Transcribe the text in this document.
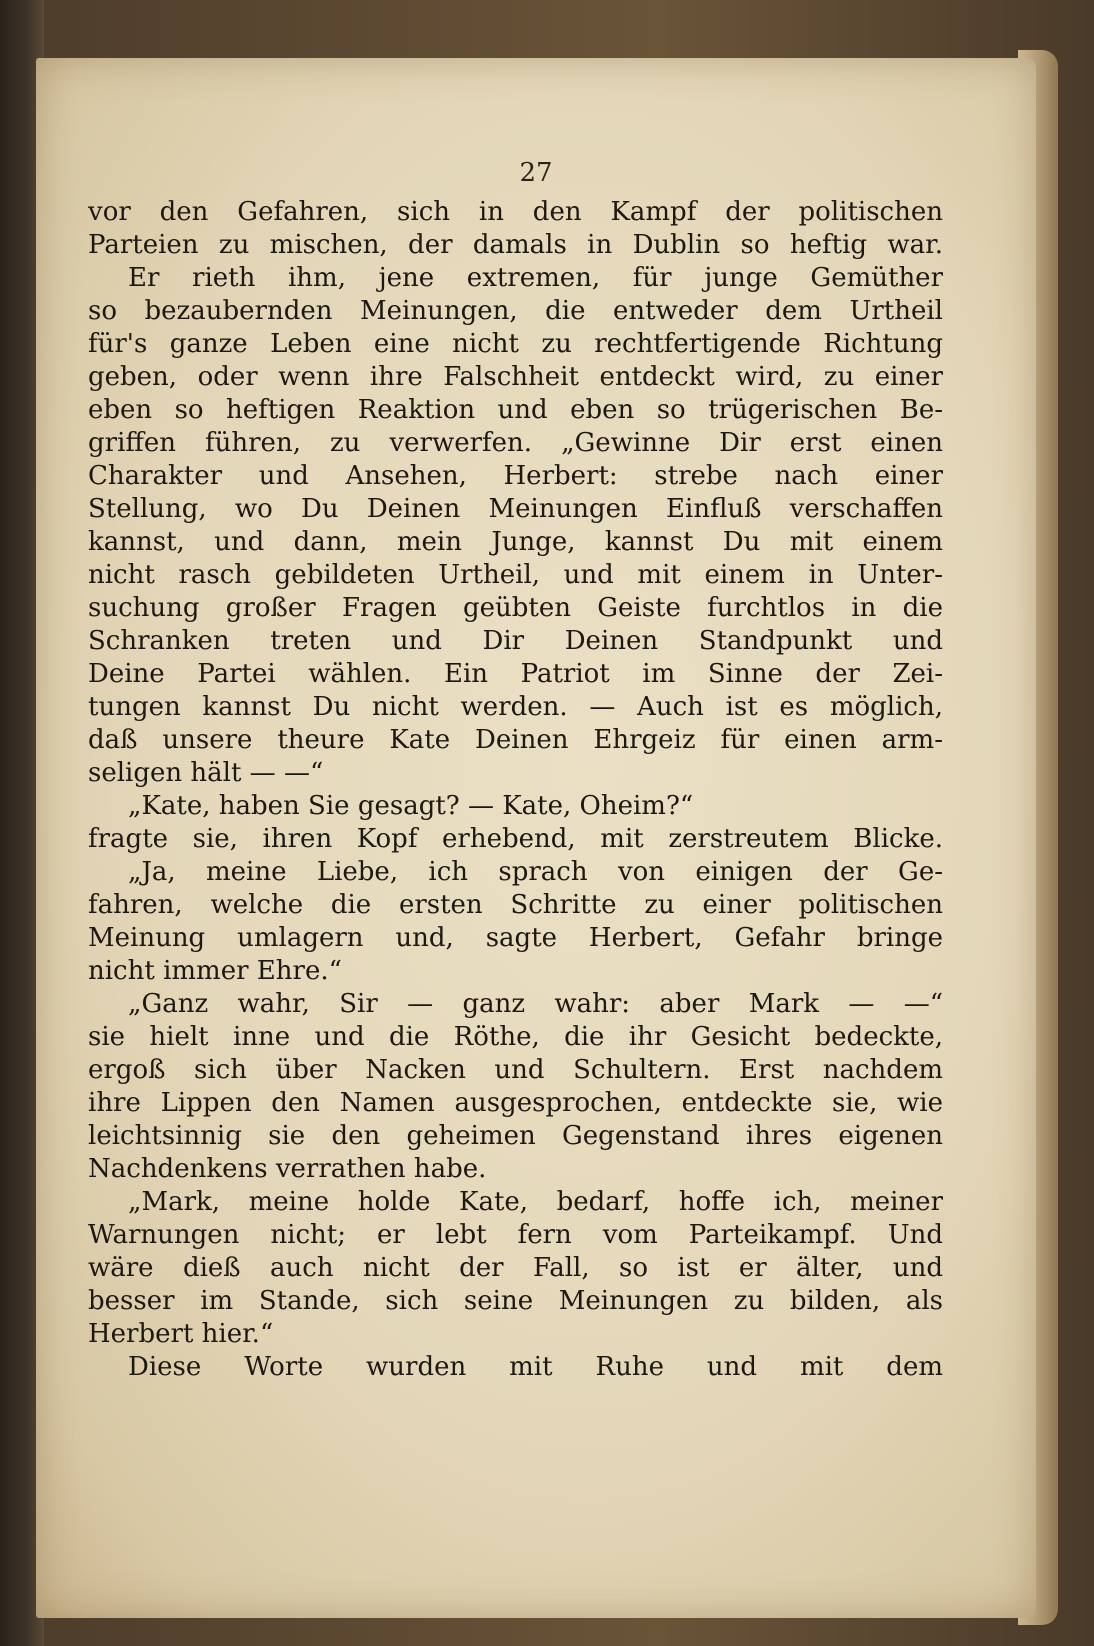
27
vor den Gefahren, sich in den Kampf der politischen
Parteien zu mischen, der damals in Dublin so heftig war.
Er rieth ihm, jene extremen, für junge Gemüther
so bezaubernden Meinungen, die entweder dem Urtheil
für's ganze Leben eine nicht zu rechtfertigende Richtung
geben, oder wenn ihre Falschheit entdeckt wird, zu einer
eben so heftigen Reaktion und eben so trügerischen Be-
griffen führen, zu verwerfen. „Gewinne Dir erst einen
Charakter und Ansehen, Herbert: strebe nach einer
Stellung, wo Du Deinen Meinungen Einfluß verschaffen
kannst, und dann, mein Junge, kannst Du mit einem
nicht rasch gebildeten Urtheil, und mit einem in Unter-
suchung großer Fragen geübten Geiste furchtlos in die
Schranken treten und Dir Deinen Standpunkt und
Deine Partei wählen. Ein Patriot im Sinne der Zei-
tungen kannst Du nicht werden. — Auch ist es möglich,
daß unsere theure Kate Deinen Ehrgeiz für einen arm-
seligen hält — —“
„Kate, haben Sie gesagt? — Kate, Oheim?“
fragte sie, ihren Kopf erhebend, mit zerstreutem Blicke.
„Ja, meine Liebe, ich sprach von einigen der Ge-
fahren, welche die ersten Schritte zu einer politischen
Meinung umlagern und, sagte Herbert, Gefahr bringe
nicht immer Ehre.“
„Ganz wahr, Sir — ganz wahr: aber Mark — —“
sie hielt inne und die Röthe, die ihr Gesicht bedeckte,
ergoß sich über Nacken und Schultern. Erst nachdem
ihre Lippen den Namen ausgesprochen, entdeckte sie, wie
leichtsinnig sie den geheimen Gegenstand ihres eigenen
Nachdenkens verrathen habe.
„Mark, meine holde Kate, bedarf, hoffe ich, meiner
Warnungen nicht; er lebt fern vom Parteikampf. Und
wäre dieß auch nicht der Fall, so ist er älter, und
besser im Stande, sich seine Meinungen zu bilden, als
Herbert hier.“
Diese Worte wurden mit Ruhe und mit dem
